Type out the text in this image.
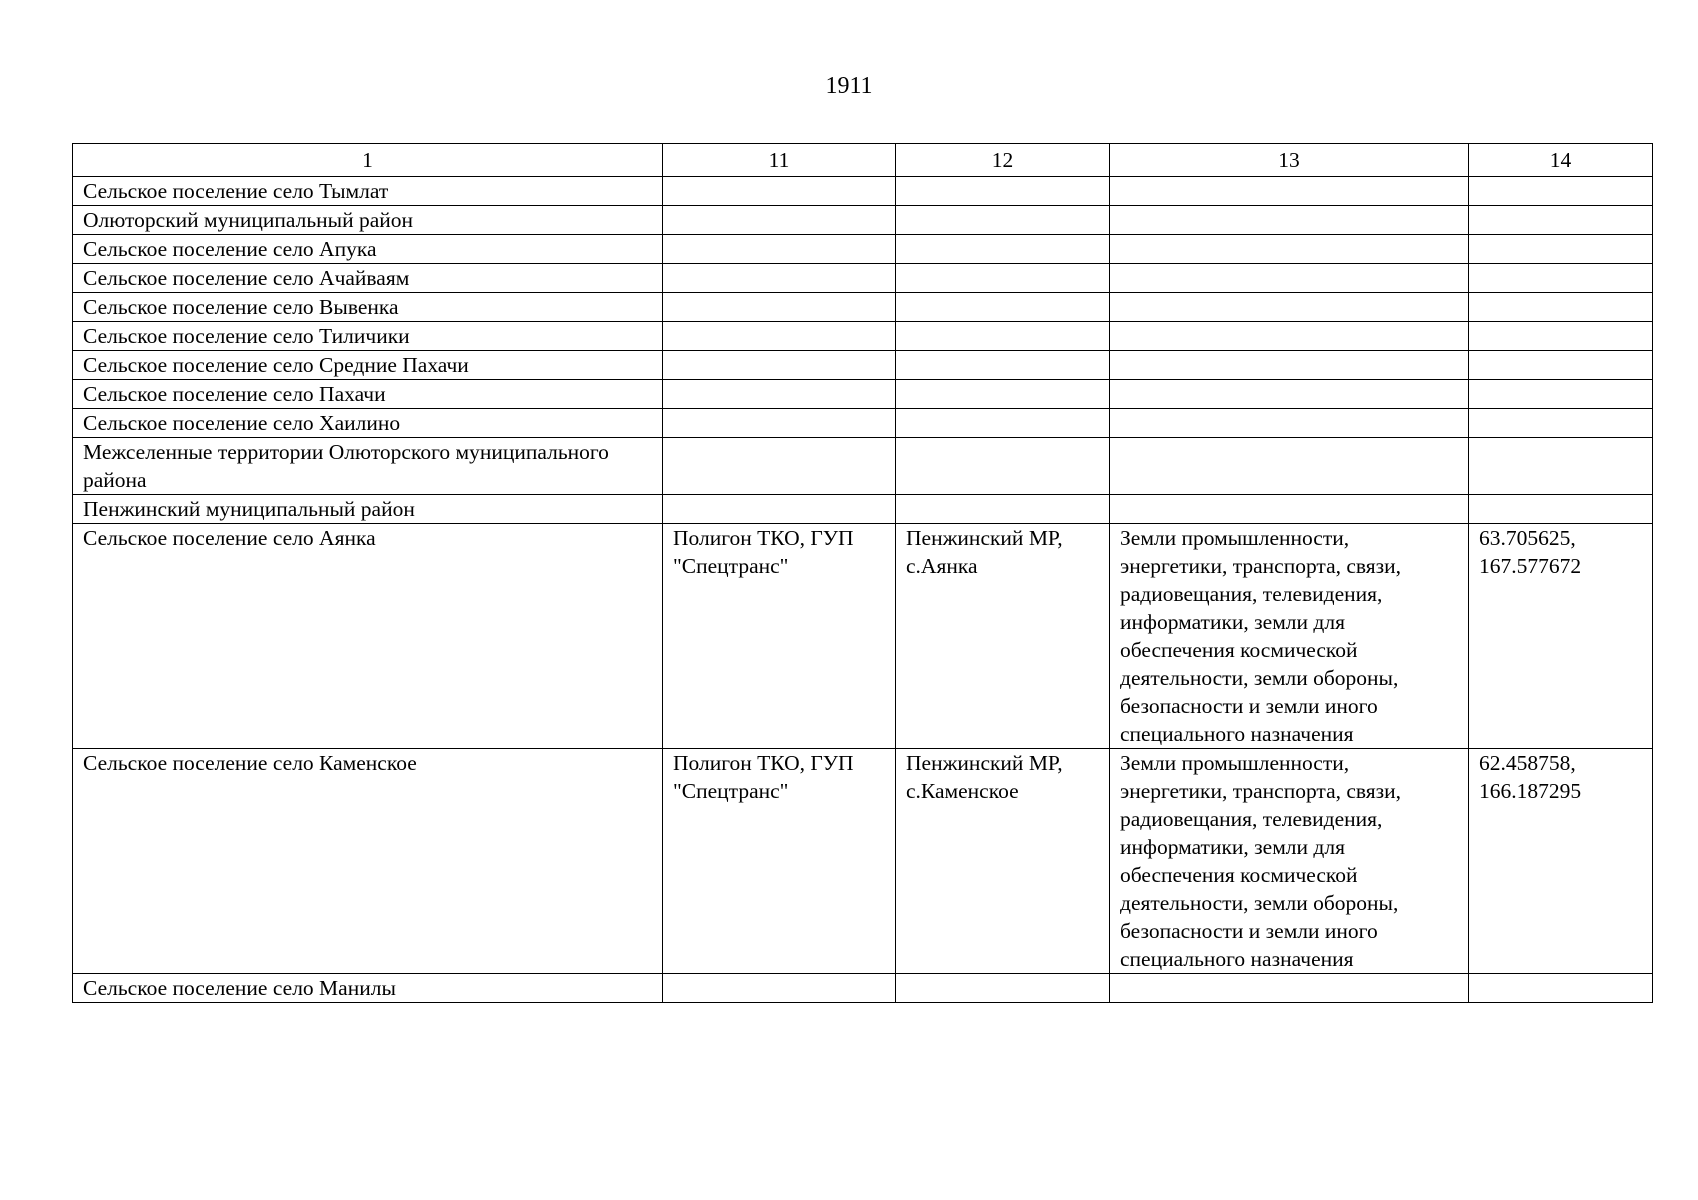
1911
1	11	12	13	14
Сельское поселение село Тымлат				
Олюторский муниципальный район				
Сельское поселение село Апука				
Сельское поселение село Ачайваям				
Сельское поселение село Вывенка				
Сельское поселение село Тиличики				
Сельское поселение село Средние Пахачи				
Сельское поселение село Пахачи				
Сельское поселение село Хаилино				
Межселенные территории Олюторского муниципального района				
Пенжинский муниципальный район				
Сельское поселение село Аянка	Полигон ТКО, ГУП "Спецтранс"	Пенжинский МР, с.Аянка	Земли промышленности, энергетики, транспорта, связи, радиовещания, телевидения, информатики, земли для обеспечения космической деятельности, земли обороны, безопасности и земли иного специального назначения	63.705625, 167.577672
Сельское поселение село Каменское	Полигон ТКО, ГУП "Спецтранс"	Пенжинский МР, с.Каменское	Земли промышленности, энергетики, транспорта, связи, радиовещания, телевидения, информатики, земли для обеспечения космической деятельности, земли обороны, безопасности и земли иного специального назначения	62.458758, 166.187295
Сельское поселение село Манилы				
